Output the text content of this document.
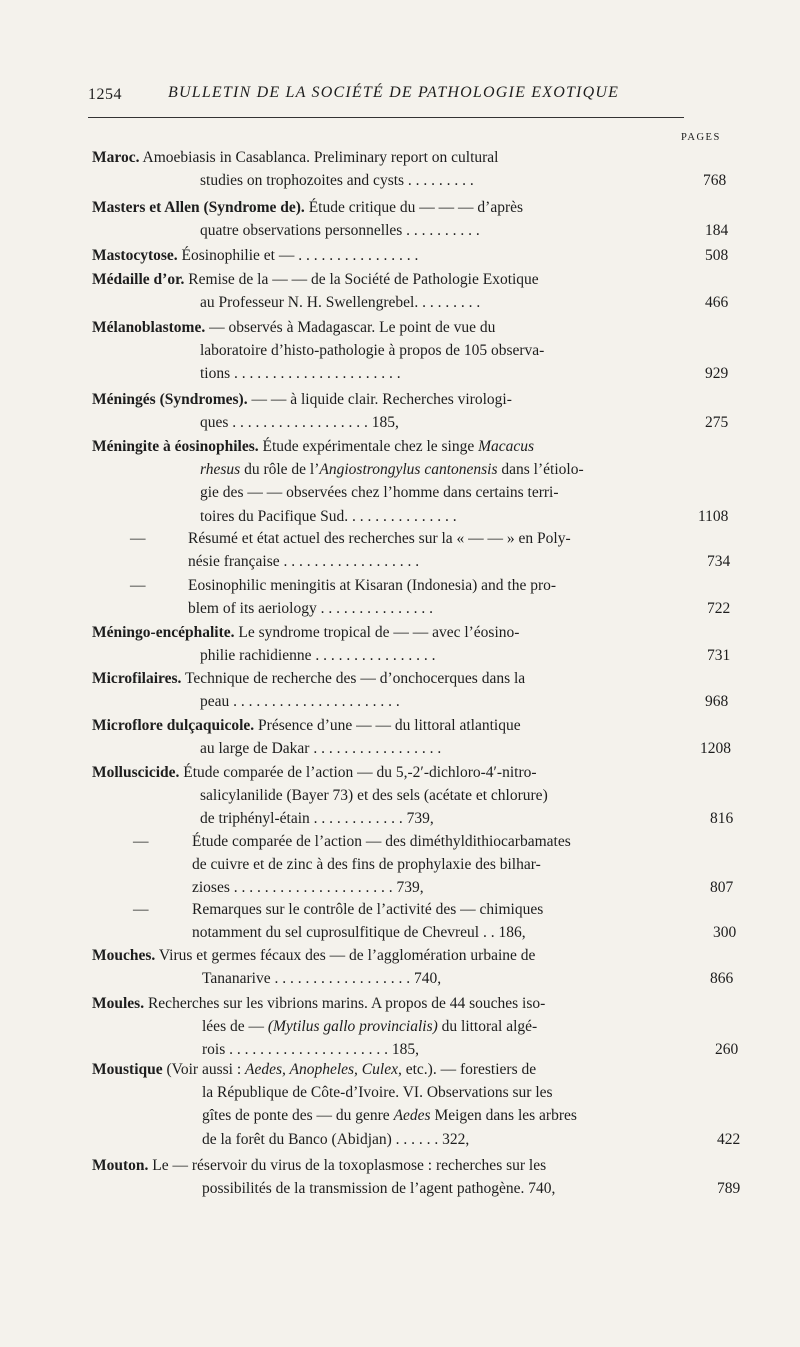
1254	BULLETIN DE LA SOCIÉTÉ DE PATHOLOGIE EXOTIQUE
PAGES
Maroc. Amoebiasis in Casablanca. Preliminary report on cultural
studies on trophozoites and cysts . . . . . . . . .	768
Masters et Allen (Syndrome de). Étude critique du — — — d’après
quatre observations personnelles . . . . . . . . . .	184
Mastocytose. Éosinophilie et — . . . . . . . . . . . . . . . .	508
Médaille d’or. Remise de la — — de la Société de Pathologie Exotique
au Professeur N. H. Swellengrebel. . . . . . . . .	466
Mélanoblastome. — observés à Madagascar. Le point de vue du
laboratoire d’histo-pathologie à propos de 105 observa-
tions . . . . . . . . . . . . . . . . . . . . . .	929
Méningés (Syndromes). — — à liquide clair. Recherches virologi-
ques . . . . . . . . . . . . . . . . . . 185,	275
Méningite à éosinophiles. Étude expérimentale chez le singe Macacus
rhesus du rôle de l’Angiostrongylus cantonensis dans l’étiolo-
gie des — — observées chez l’homme dans certains terri-
toires du Pacifique Sud. . . . . . . . . . . . . . .	1108
—	Résumé et état actuel des recherches sur la « — — » en Poly-
nésie française . . . . . . . . . . . . . . . . . .	734
—	Eosinophilic meningitis at Kisaran (Indonesia) and the pro-
blem of its aeriology . . . . . . . . . . . . . . .	722
Méningo-encéphalite. Le syndrome tropical de — — avec l’éosino-
philie rachidienne . . . . . . . . . . . . . . . .	731
Microfilaires. Technique de recherche des — d’onchocerques dans la
peau . . . . . . . . . . . . . . . . . . . . . .	968
Microflore dulçaquicole. Présence d’une — — du littoral atlantique
au large de Dakar . . . . . . . . . . . . . . . . .	1208
Molluscicide. Étude comparée de l’action — du 5,-2′-dichloro-4′-nitro-
salicylanilide (Bayer 73) et des sels (acétate et chlorure)
de triphényl-étain . . . . . . . . . . . . 739,	816
—	Étude comparée de l’action — des diméthyldithiocarbamates
de cuivre et de zinc à des fins de prophylaxie des bilhar-
zioses . . . . . . . . . . . . . . . . . . . . . 739,	807
—	Remarques sur le contrôle de l’activité des — chimiques
notamment du sel cuprosulfitique de Chevreul . . 186,	300
Mouches. Virus et germes fécaux des — de l’agglomération urbaine de
Tananarive . . . . . . . . . . . . . . . . . . 740,	866
Moules. Recherches sur les vibrions marins. A propos de 44 souches iso-
lées de — (Mytilus gallo provincialis) du littoral algé-
rois . . . . . . . . . . . . . . . . . . . . . 185,	260
Moustique (Voir aussi : Aedes, Anopheles, Culex, etc.). — forestiers de
la République de Côte-d’Ivoire. VI. Observations sur les
gîtes de ponte des — du genre Aedes Meigen dans les arbres
de la forêt du Banco (Abidjan) . . . . . . 322,	422
Mouton. Le — réservoir du virus de la toxoplasmose : recherches sur les
possibilités de la transmission de l’agent pathogène. 740,	789
